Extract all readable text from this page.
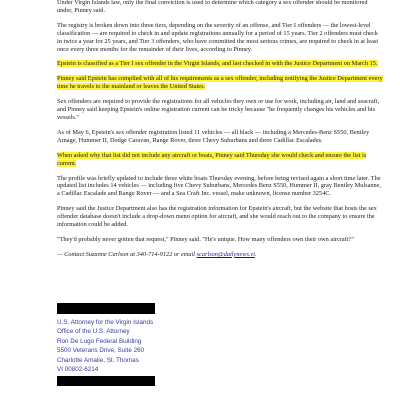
Under Virgin Islands law, only the final conviction is used to determine which category a sex offender should be monitored under, Pinney said.

The registry is broken down into three tiers, depending on the severity of an offense, and Tier I offenders — the lowest-level classification — are required to check in and update registrations annually for a period of 15 years. Tier 2 offenders must check in twice a year for 25 years, and Tier 3 offenders, who have committed the most serious crimes, are required to check in at least once every three months for the remainder of their lives, according to Pinney.

Epstein is classified as a Tier I sex offender in the Virgin Islands, and last checked in with the Justice Department on March 15.

Pinney said Epstein has complied with all of his requirements as a sex offender, including notifying the Justice Department every time he travels to the mainland or leaves the United States.

Sex offenders are required to provide the registrations for all vehicles they own or use for work, including air, land and seacraft, and Pinney said keeping Epstein's online registration current can be tricky because "he frequently changes his vehicles and his vessels."

As of May 6, Epstein's sex offender registration listed 11 vehicles — all black — including a Mercedes-Benz S550, Bentley Arnage, Hummer II, Dodge Caravan, Range Rover, three Chevy Suburbans and three Cadillac Escalades.

When asked why that list did not include any aircraft or boats, Pinney said Thursday she would check and ensure the list is current.

The profile was briefly updated to include three white boats Thursday evening, before being revised again a short time later. The updated list includes 14 vehicles — including five Chevy Suburbans, Mercedes Benz S550, Hummer II, gray Bentley Mulsanne, a Cadillac Escalade and Range Rover — and a Sea Craft Inc. vessel, make unknown, license number 3254C.

Pinney said the Justice Department also has the registration information for Epstein's aircraft, but the website that hosts the sex offender database doesn't include a drop-down menu option for aircraft, and she would reach out to the company to ensure the information could be added.

"They'd probably never gotten that request," Pinney said. "He's unique. How many offenders own their own aircraft?"

— Contact Suzanne Carlson at 340-714-9122 or email scarlson@dailynews.vi.

U.S. Attorney for the Virgin Islands
Office of the U.S. Attorney
Ron De Lugo Federal Building
5500 Veterans Drive, Suite 260
Charlotte Amalie, St. Thomas
VI 00802-6214
